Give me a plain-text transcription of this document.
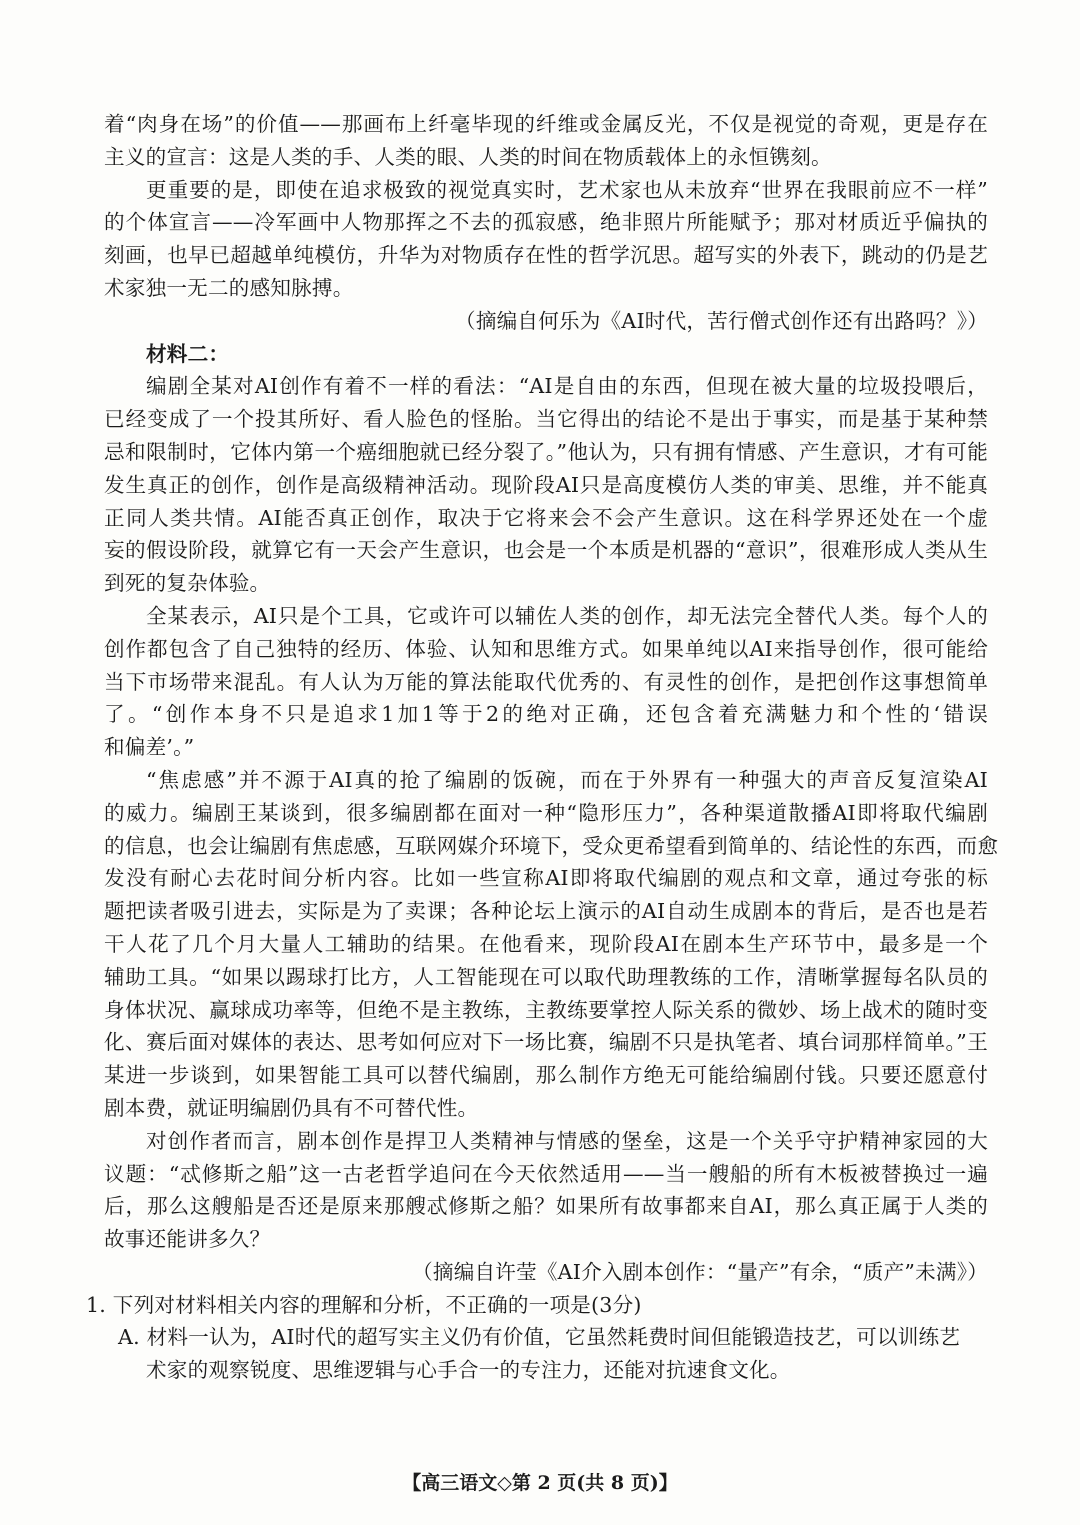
着“肉身在场”的价值——那画布上纤毫毕现的纤维或金属反光，不仅是视觉的奇观，更是存在
主义的宣言：这是人类的手、人类的眼、人类的时间在物质载体上的永恒镌刻。
更重要的是，即使在追求极致的视觉真实时，艺术家也从未放弃“世界在我眼前应不一样”
的个体宣言——冷军画中人物那挥之不去的孤寂感，绝非照片所能赋予；那对材质近乎偏执的
刻画，也早已超越单纯模仿，升华为对物质存在性的哲学沉思。超写实的外表下，跳动的仍是艺
术家独一无二的感知脉搏。
（摘编自何乐为《AI时代，苦行僧式创作还有出路吗？》）
材料二：
编剧全某对AI创作有着不一样的看法：“AI是自由的东西，但现在被大量的垃圾投喂后，
已经变成了一个投其所好、看人脸色的怪胎。当它得出的结论不是出于事实，而是基于某种禁
忌和限制时，它体内第一个癌细胞就已经分裂了。”他认为，只有拥有情感、产生意识，才有可能
发生真正的创作，创作是高级精神活动。现阶段AI只是高度模仿人类的审美、思维，并不能真
正同人类共情。AI能否真正创作，取决于它将来会不会产生意识。这在科学界还处在一个虚
妄的假设阶段，就算它有一天会产生意识，也会是一个本质是机器的“意识”，很难形成人类从生
到死的复杂体验。
全某表示，AI只是个工具，它或许可以辅佐人类的创作，却无法完全替代人类。每个人的
创作都包含了自己独特的经历、体验、认知和思维方式。如果单纯以AI来指导创作，很可能给
当下市场带来混乱。有人认为万能的算法能取代优秀的、有灵性的创作，是把创作这事想简单
了。“创作本身不只是追求1加1等于2的绝对正确，还包含着充满魅力和个性的‘错误
和偏差’。”
“焦虑感”并不源于AI真的抢了编剧的饭碗，而在于外界有一种强大的声音反复渲染AI
的威力。编剧王某谈到，很多编剧都在面对一种“隐形压力”，各种渠道散播AI即将取代编剧
的信息，也会让编剧有焦虑感，互联网媒介环境下，受众更希望看到简单的、结论性的东西，而愈
发没有耐心去花时间分析内容。比如一些宣称AI即将取代编剧的观点和文章，通过夸张的标
题把读者吸引进去，实际是为了卖课；各种论坛上演示的AI自动生成剧本的背后，是否也是若
干人花了几个月大量人工辅助的结果。在他看来，现阶段AI在剧本生产环节中，最多是一个
辅助工具。“如果以踢球打比方，人工智能现在可以取代助理教练的工作，清晰掌握每名队员的
身体状况、赢球成功率等，但绝不是主教练，主教练要掌控人际关系的微妙、场上战术的随时变
化、赛后面对媒体的表达、思考如何应对下一场比赛，编剧不只是执笔者、填台词那样简单。”王
某进一步谈到，如果智能工具可以替代编剧，那么制作方绝无可能给编剧付钱。只要还愿意付
剧本费，就证明编剧仍具有不可替代性。
对创作者而言，剧本创作是捍卫人类精神与情感的堡垒，这是一个关乎守护精神家园的大
议题：“忒修斯之船”这一古老哲学追问在今天依然适用——当一艘船的所有木板被替换过一遍
后，那么这艘船是否还是原来那艘忒修斯之船？如果所有故事都来自AI，那么真正属于人类的
故事还能讲多久？
（摘编自许莹《AI介入剧本创作：“量产”有余，“质产”未满》）
1. 下列对材料相关内容的理解和分析，不正确的一项是(3分)
A. 材料一认为，AI时代的超写实主义仍有价值，它虽然耗费时间但能锻造技艺，可以训练艺
术家的观察锐度、思维逻辑与心手合一的专注力，还能对抗速食文化。
【高三语文◇第 2 页(共 8 页)】
